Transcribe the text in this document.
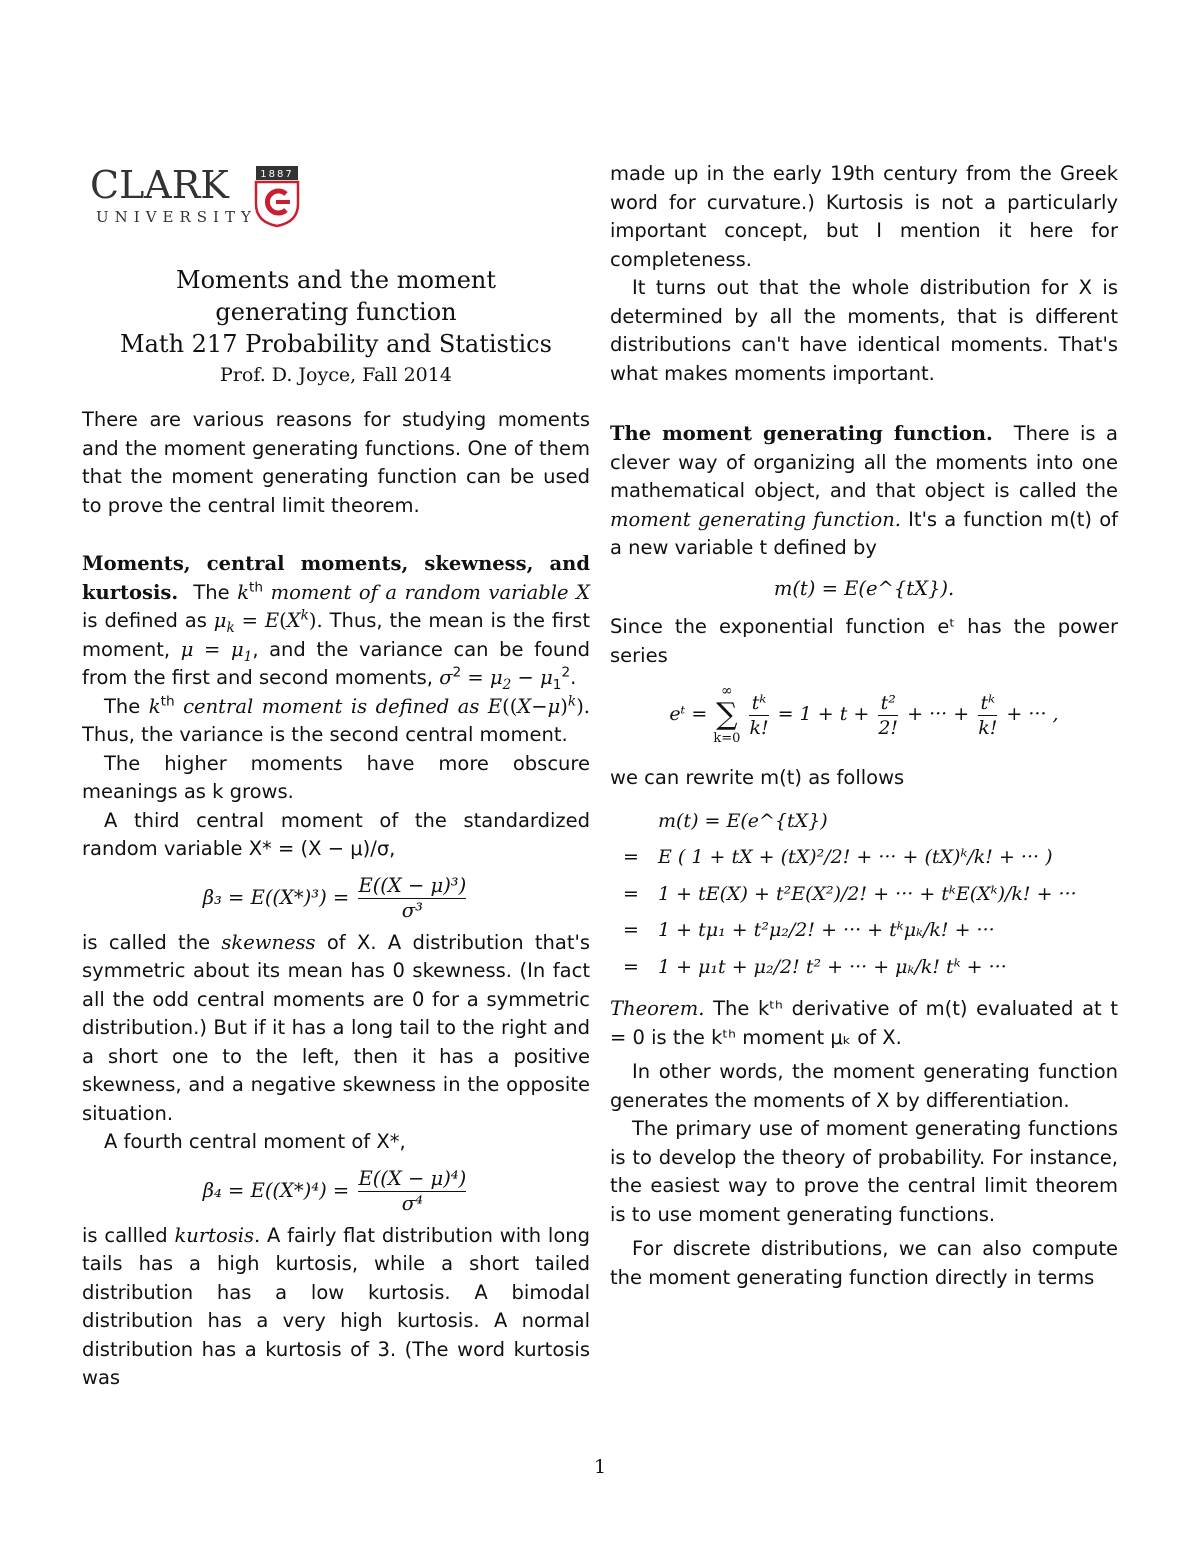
CLARK
UNIVERSITY
1887
Moments and the moment
generating function
Math 217 Probability and Statistics
Prof. D. Joyce, Fall 2014

There are various reasons for studying moments and the moment generating functions. One of them that the moment generating function can be used to prove the central limit theorem.

Moments, central moments, skewness, and kurtosis. The $k^{th}$ moment of a random variable X is defined as $\mu_k = E(X^k)$. Thus, the mean is the first moment, $\mu = \mu_1$, and the variance can be found from the first and second moments, $\sigma^2 = \mu_2 - \mu_1^2$.

The $k^{th}$ central moment is defined as $E((X-\mu)^k)$. Thus, the variance is the second central moment.

The higher moments have more obscure meanings as k grows.

A third central moment of the standardized random variable X* = (X − μ)/σ,

$\beta_3 = E((X*)^3) = \frac{\text{E((X − μ)³)}}{\text{σ³}}$

is called the skewness of X. A distribution that's symmetric about its mean has 0 skewness. (In fact all the odd central moments are 0 for a symmetric distribution.) But if it has a long tail to the right and a short one to the left, then it has a positive skewness, and a negative skewness in the opposite situation.

A fourth central moment of X*,

$\beta_4 = E((X*)^4) = \frac{\text{E((X − μ)⁴)}}{\text{σ⁴}}$

is callled kurtosis. A fairly flat distribution with long tails has a high kurtosis, while a short tailed distribution has a low kurtosis. A bimodal distribution has a very high kurtosis. A normal distribution has a kurtosis of 3. (The word kurtosis was

made up in the early 19th century from the Greek word for curvature.) Kurtosis is not a particularly important concept, but I mention it here for completeness.

It turns out that the whole distribution for X is determined by all the moments, that is different distributions can't have identical moments. That's what makes moments important.

The moment generating function. There is a clever way of organizing all the moments into one mathematical object, and that object is called the moment generating function. It's a function m(t) of a new variable t defined by

m(t) = E(e^{tX}).

Since the exponential function eᵗ has the power series

eᵗ =
∞
∑
k=0
$\frac{\text{tᵏ}}{k!} = 1 + t + \frac{\text{t²}}{2!}$ + ··· + $\frac{\text{tᵏ}}{k!}$ + ··· ,

we can rewrite m(t) as follows

	m(t) = E(e^{tX})
=	E ( 1 + tX + (tX)²/2! + ··· + (tX)ᵏ/k! + ··· )
=	1 + tE(X) + t²E(X²)/2! + ··· + tᵏE(Xᵏ)/k! + ···
=	1 + tμ₁ + t²μ₂/2! + ··· + tᵏμₖ/k! + ···
=	1 + μ₁t + μ₂/2! t² + ··· + μₖ/k! tᵏ + ···

Theorem. The kᵗʰ derivative of m(t) evaluated at t = 0 is the kᵗʰ moment μₖ of X.

In other words, the moment generating function generates the moments of X by differentiation.

The primary use of moment generating functions is to develop the theory of probability. For instance, the easiest way to prove the central limit theorem is to use moment generating functions.

For discrete distributions, we can also compute the moment generating function directly in terms

1
